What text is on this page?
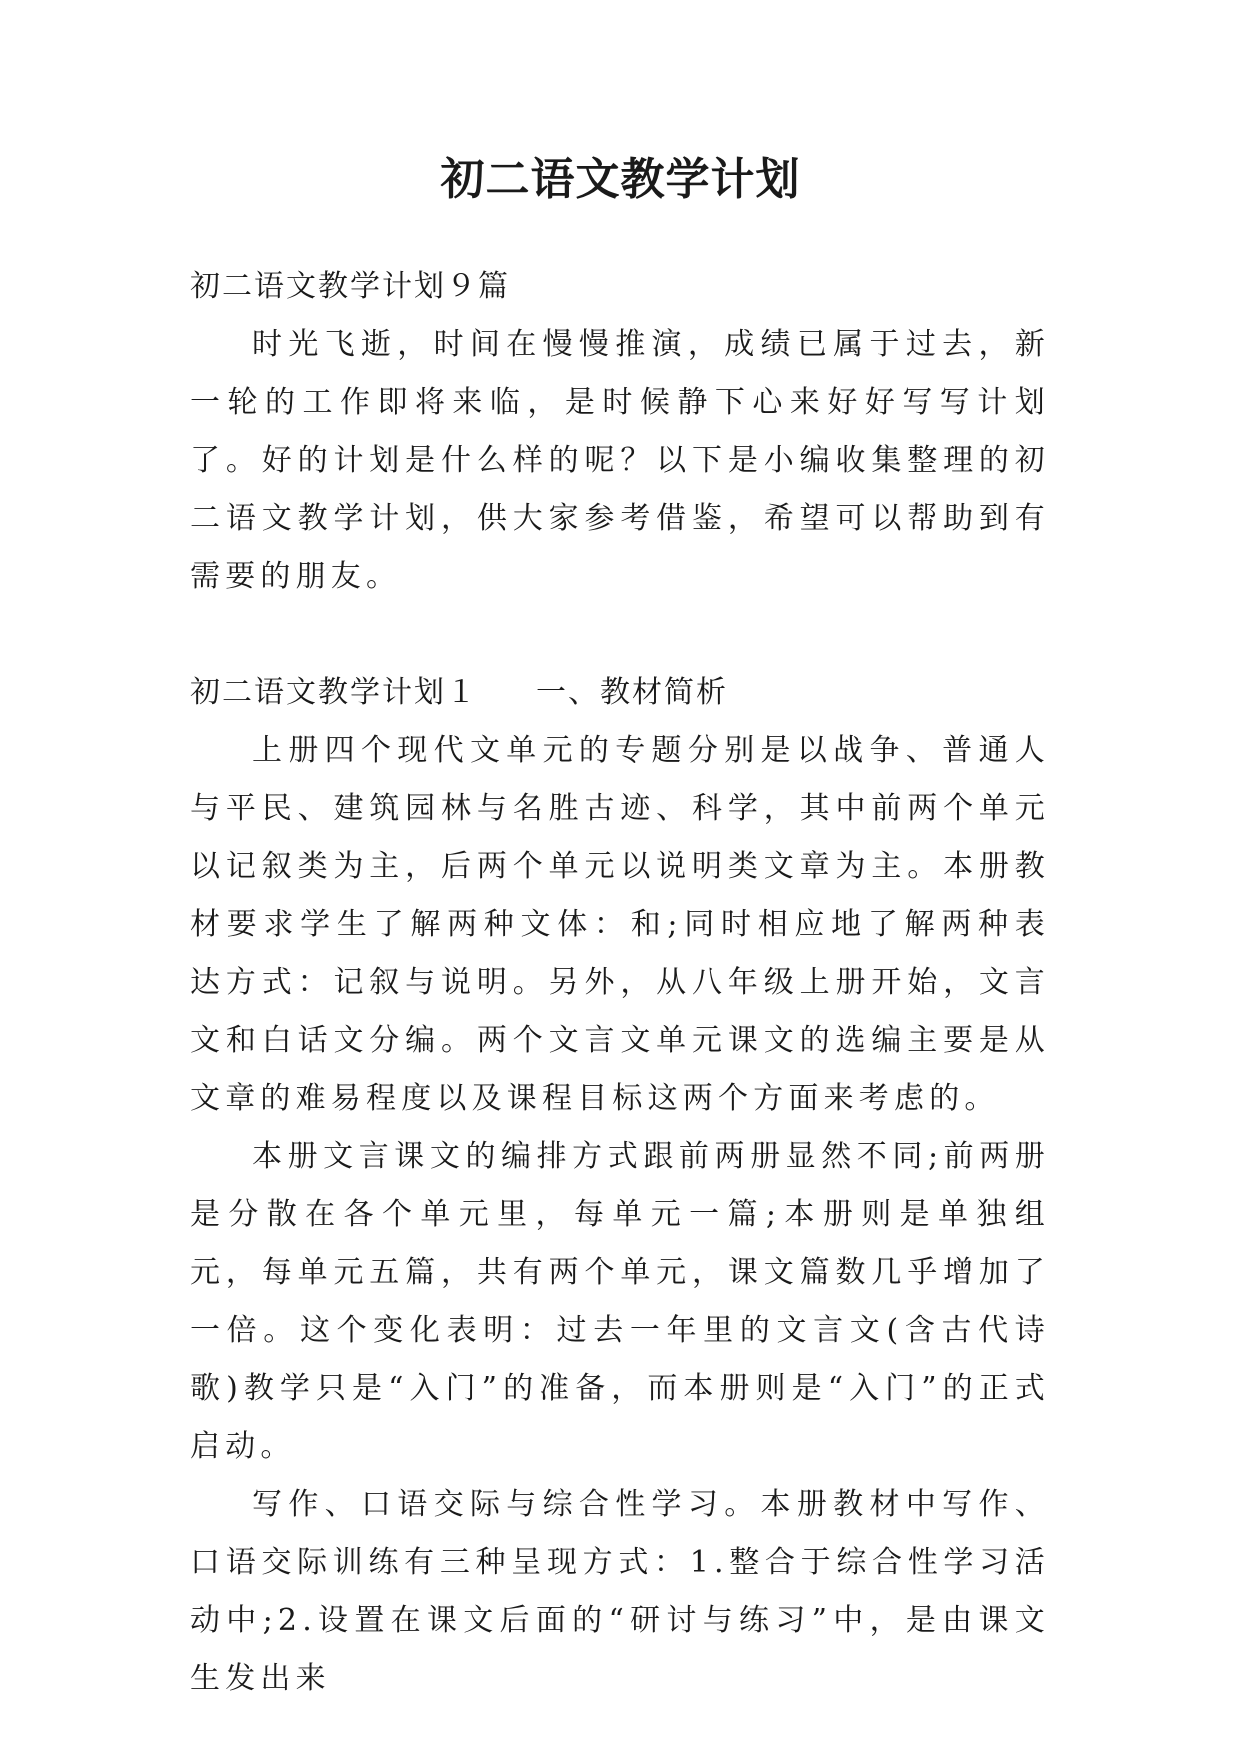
初二语文教学计划

初二语文教学计划９篇

时光飞逝，时间在慢慢推演，成绩已属于过去，新一轮的工作即将来临，是时候静下心来好好写写计划了。好的计划是什么样的呢？以下是小编收集整理的初二语文教学计划，供大家参考借鉴，希望可以帮助到有需要的朋友。

初二语文教学计划１ 一、教材简析

上册四个现代文单元的专题分别是以战争、普通人与平民、建筑园林与名胜古迹、科学，其中前两个单元以记叙类为主，后两个单元以说明类文章为主。本册教材要求学生了解两种文体：和;同时相应地了解两种表达方式：记叙与说明。另外，从八年级上册开始，文言文和白话文分编。两个文言文单元课文的选编主要是从文章的难易程度以及课程目标这两个方面来考虑的。

本册文言课文的编排方式跟前两册显然不同;前两册是分散在各个单元里，每单元一篇;本册则是单独组元，每单元五篇，共有两个单元，课文篇数几乎增加了一倍。这个变化表明：过去一年里的文言文(含古代诗歌)教学只是“入门”的准备，而本册则是“入门”的正式启动。

写作、口语交际与综合性学习。本册教材中写作、口语交际训练有三种呈现方式：1.整合于综合性学习活动中;2.设置在课文后面的“研讨与练习”中，是由课文生发出来
